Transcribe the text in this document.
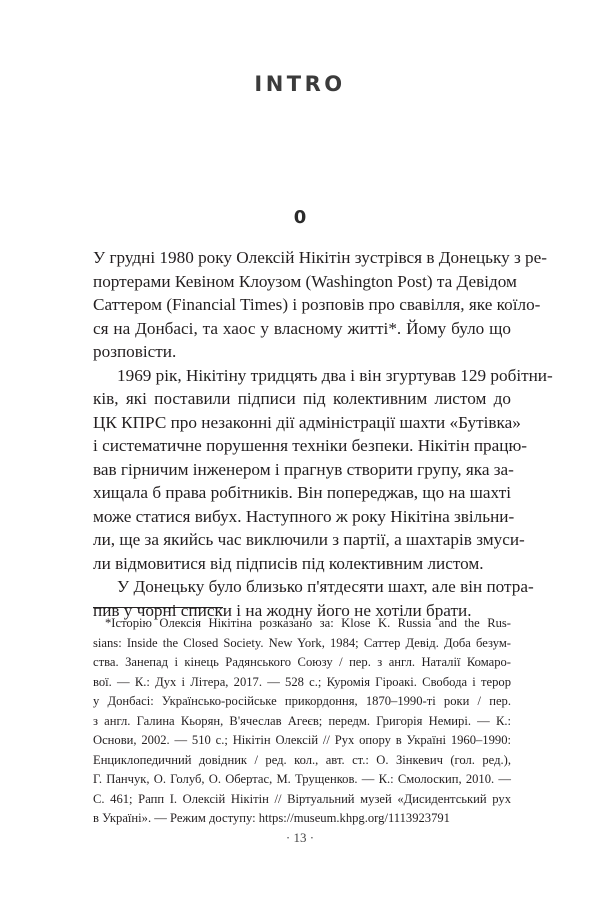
INTRO
0
У грудні 1980 року Олексій Нікітін зустрівся в Донецьку з ре-
портерами Кевіном Клоузом (Washington Post) та Девідом
Саттером (Financial Times) і розповів про свавілля, яке коїло-
ся на Донбасі, та хаос у власному житті*. Йому було що
розповісти.
1969 рік, Нікітіну тридцять два і він згуртував 129 робітни-
ків, які поставили підписи під колективним листом до
ЦК КПРС про незаконні дії адміністрації шахти «Бутівка»
і систематичне порушення техніки безпеки. Нікітін працю-
вав гірничим інженером і прагнув створити групу, яка за-
хищала б права робітників. Він попереджав, що на шахті
може статися вибух. Наступного ж року Нікітіна звільни-
ли, ще за якийсь час виключили з партії, а шахтарів змуси-
ли відмовитися від підписів під колективним листом.
У Донецьку було близько п'ятдесяти шахт, але він потра-
пив у чорні списки і на жодну його не хотіли брати.
*Історію Олексія Нікітіна розказано за: Klose K. Russia and the Rus-
sians: Inside the Closed Society. New York, 1984; Саттер Девід. Доба безум-
ства. Занепад і кінець Радянського Союзу / пер. з англ. Наталії Комаро-
вої. — К.: Дух і Літера, 2017. — 528 с.; Куромія Гіроакі. Свобода і терор
у Донбасі: Українсько-російське прикордоння, 1870–1990-ті роки / пер.
з англ. Галина Кьорян, В'ячеслав Агеєв; передм. Григорія Немирі. — К.:
Основи, 2002. — 510 с.; Нікітін Олексій // Рух опору в Україні 1960–1990:
Енциклопедичний довідник / ред. кол., авт. ст.: О. Зінкевич (гол. ред.),
Г. Панчук, О. Голуб, О. Обертас, М. Трущенков. — К.: Смолоскип, 2010. —
С. 461; Рапп І. Олексій Нікітін // Віртуальний музей «Дисидентський рух
в Україні». — Режим доступу: https://museum.khpg.org/1113923791
· 13 ·
